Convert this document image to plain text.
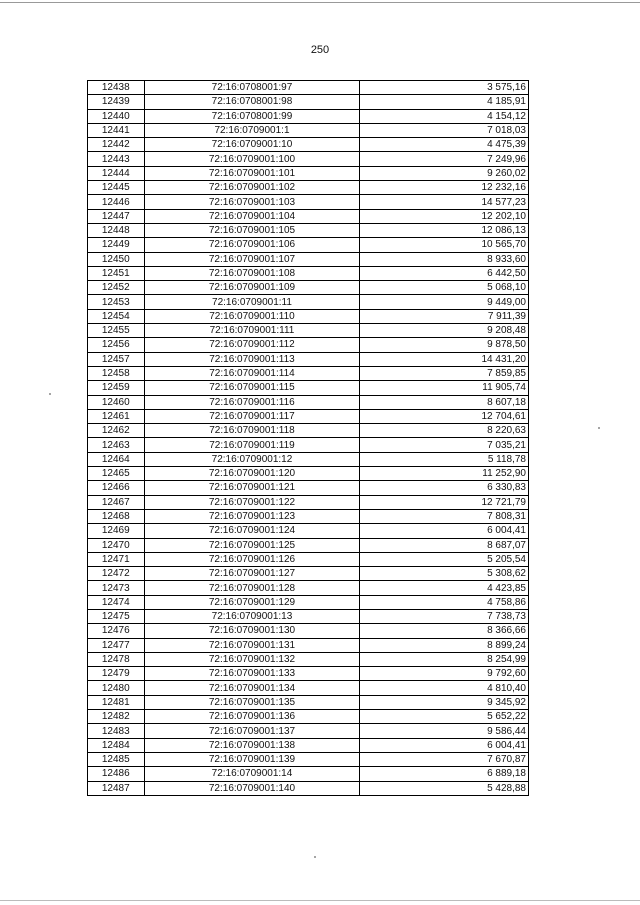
250
12438	72:16:0708001:97	3 575,16
12439	72:16:0708001:98	4 185,91
12440	72:16:0708001:99	4 154,12
12441	72:16:0709001:1	7 018,03
12442	72:16:0709001:10	4 475,39
12443	72:16:0709001:100	7 249,96
12444	72:16:0709001:101	9 260,02
12445	72:16:0709001:102	12 232,16
12446	72:16:0709001:103	14 577,23
12447	72:16:0709001:104	12 202,10
12448	72:16:0709001:105	12 086,13
12449	72:16:0709001:106	10 565,70
12450	72:16:0709001:107	8 933,60
12451	72:16:0709001:108	6 442,50
12452	72:16:0709001:109	5 068,10
12453	72:16:0709001:11	9 449,00
12454	72:16:0709001:110	7 911,39
12455	72:16:0709001:111	9 208,48
12456	72:16:0709001:112	9 878,50
12457	72:16:0709001:113	14 431,20
12458	72:16:0709001:114	7 859,85
12459	72:16:0709001:115	11 905,74
12460	72:16:0709001:116	8 607,18
12461	72:16:0709001:117	12 704,61
12462	72:16:0709001:118	8 220,63
12463	72:16:0709001:119	7 035,21
12464	72:16:0709001:12	5 118,78
12465	72:16:0709001:120	11 252,90
12466	72:16:0709001:121	6 330,83
12467	72:16:0709001:122	12 721,79
12468	72:16:0709001:123	7 808,31
12469	72:16:0709001:124	6 004,41
12470	72:16:0709001:125	8 687,07
12471	72:16:0709001:126	5 205,54
12472	72:16:0709001:127	5 308,62
12473	72:16:0709001:128	4 423,85
12474	72:16:0709001:129	4 758,86
12475	72:16:0709001:13	7 738,73
12476	72:16:0709001:130	8 366,66
12477	72:16:0709001:131	8 899,24
12478	72:16:0709001:132	8 254,99
12479	72:16:0709001:133	9 792,60
12480	72:16:0709001:134	4 810,40
12481	72:16:0709001:135	9 345,92
12482	72:16:0709001:136	5 652,22
12483	72:16:0709001:137	9 586,44
12484	72:16:0709001:138	6 004,41
12485	72:16:0709001:139	7 670,87
12486	72:16:0709001:14	6 889,18
12487	72:16:0709001:140	5 428,88
